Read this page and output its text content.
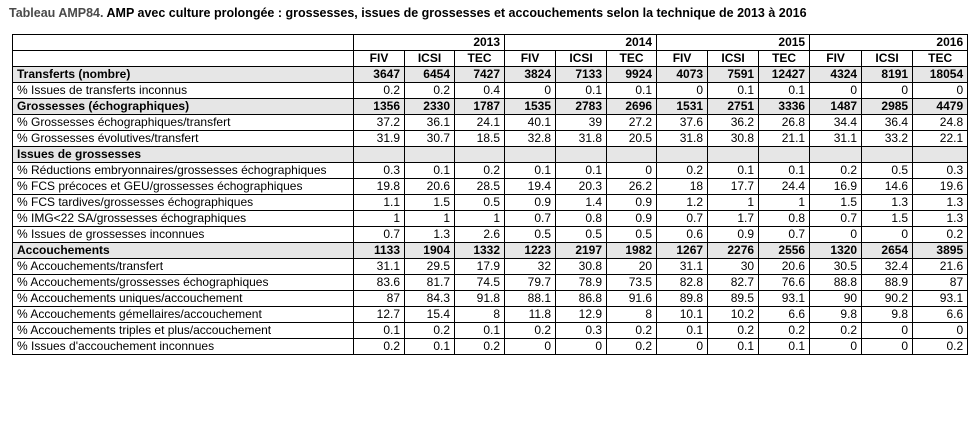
Tableau AMP84. AMP avec culture prolongée : grossesses, issues de grossesses et accouchements selon la technique de 2013 à 2016
	2013			2014			2015			2016		
	FIV	ICSI	TEC	FIV	ICSI	TEC	FIV	ICSI	TEC	FIV	ICSI	TEC
Transferts (nombre)	3647	6454	7427	3824	7133	9924	4073	7591	12427	4324	8191	18054
% Issues de transferts inconnus	0.2	0.2	0.4	0	0.1	0.1	0	0.1	0.1	0	0	0
Grossesses (échographiques)	1356	2330	1787	1535	2783	2696	1531	2751	3336	1487	2985	4479
% Grossesses échographiques/transfert	37.2	36.1	24.1	40.1	39	27.2	37.6	36.2	26.8	34.4	36.4	24.8
% Grossesses évolutives/transfert	31.9	30.7	18.5	32.8	31.8	20.5	31.8	30.8	21.1	31.1	33.2	22.1
Issues de grossesses												
% Réductions embryonnaires/grossesses échographiques	0.3	0.1	0.2	0.1	0.1	0	0.2	0.1	0.1	0.2	0.5	0.3
% FCS précoces et GEU/grossesses échographiques	19.8	20.6	28.5	19.4	20.3	26.2	18	17.7	24.4	16.9	14.6	19.6
% FCS tardives/grossesses échographiques	1.1	1.5	0.5	0.9	1.4	0.9	1.2	1	1	1.5	1.3	1.3
% IMG<22 SA/grossesses échographiques	1	1	1	0.7	0.8	0.9	0.7	1.7	0.8	0.7	1.5	1.3
% Issues de grossesses inconnues	0.7	1.3	2.6	0.5	0.5	0.5	0.6	0.9	0.7	0	0	0.2
Accouchements	1133	1904	1332	1223	2197	1982	1267	2276	2556	1320	2654	3895
% Accouchements/transfert	31.1	29.5	17.9	32	30.8	20	31.1	30	20.6	30.5	32.4	21.6
% Accouchements/grossesses échographiques	83.6	81.7	74.5	79.7	78.9	73.5	82.8	82.7	76.6	88.8	88.9	87
% Accouchements uniques/accouchement	87	84.3	91.8	88.1	86.8	91.6	89.8	89.5	93.1	90	90.2	93.1
% Accouchements gémellaires/accouchement	12.7	15.4	8	11.8	12.9	8	10.1	10.2	6.6	9.8	9.8	6.6
% Accouchements triples et plus/accouchement	0.1	0.2	0.1	0.2	0.3	0.2	0.1	0.2	0.2	0.2	0	0
% Issues d'accouchement inconnues	0.2	0.1	0.2	0	0	0.2	0	0.1	0.1	0	0	0.2
